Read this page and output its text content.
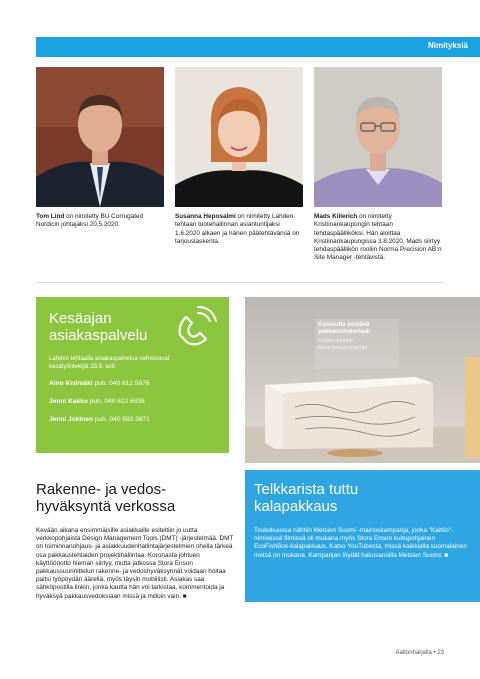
Nimityksiä
Tom Lind on nimitetty BU Corrugated Nordicin johtajaksi 20.5.2020.
Susanna Heposalmi on nimitetty Lahden tehtaan tuotehallinnan asiantuntijaksi 1.6.2020 alkaen ja hänen päätehtävänsä on tarjouslaskenta.
Mads Kiilerich on nimitetty Kristiinankaupungin tehtaan tehdaspäälliköksi. Hän aloittaa Kristiinankaupungissa 3.8.2020. Mads siirtyy tehdaspäällikön rooliin Norma Precision AB:n Site Manager -tehtävistä.
Kesäajan
asiakaspalvelu
Lahden tehtaalla asiakaspalvelua vahvistavat kesätyöntekijät 28.6. asti:
Aino Kivimäki puh. 040 612 5676
Jenni Kakko puh. 040 612 6836
Jenni Jokinen puh. 040 592 3871
Kosteutta kestävä
pakkausmateriaali
Fuktbeständigt
förpackningsmaterial
Rakenne- ja vedos-
hyväksyntä verkossa
Kevään aikana ensimmäisille asiakkaille esiteltiin jo uutta verkkopohjaista Design Management Tools (DMT) -järjestelmää. DMT on toiminnanohjaus- ja asiakkuudenhallintajärjestelmien ohella tärkeä osa pakkaustehtaiden projektihallintaa. Koronasta johtuen käyttöönotto hieman siirtyy, mutta jatkossa Stora Enson pakkaussuunnittelun rakenne- ja vedoshyväksynnät voidaan hoitaa paitsi työpöydän äärellä, myös täysin mobiilisti. Asiakas saa sähköpostilla linkin, jonka kautta hän voi tarkistaa, kommentoida ja hyväksyä pakkausvedoksiaan missä ja milloin vain. ■
Telkkarista tuttu
kalapakkaus
Toukokuussa nähtiin Metsien Suomi -mainoskampanja, jonka "Kaittio"-nimisessä filmissä oli mukana myös Stora Enson kuitupohjainen EcoFishBox-kalapakkaus. Katso YouTubesta, missä kaikkialla suomalainen metsä on mukana. Kampanjan löydät hakusanoilla Metsien Suomi. ■
Aaltonharjalla • 23
